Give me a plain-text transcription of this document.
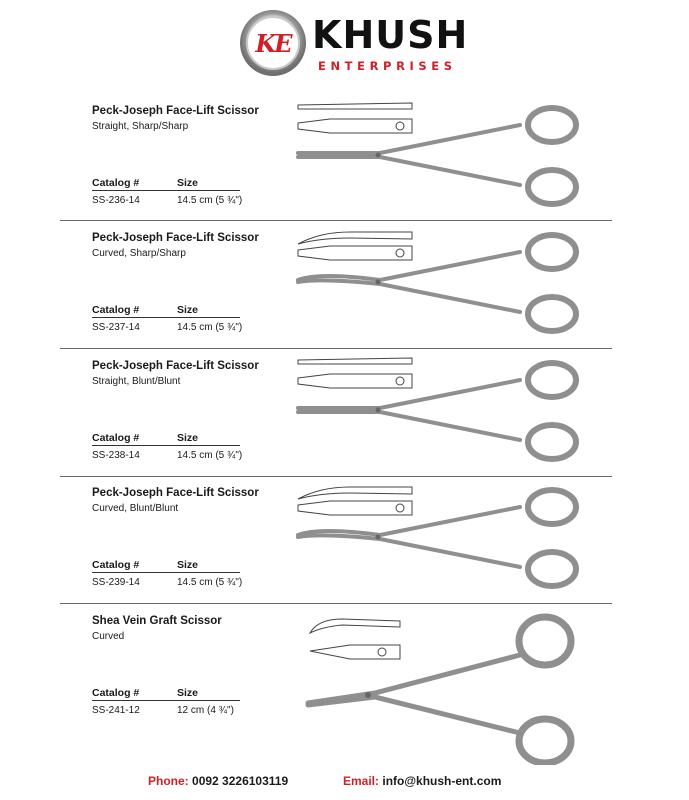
KE KHUSH
ENTERPRISES
Peck-Joseph Face-Lift Scissor
Straight, Sharp/Sharp
Catalog #	Size
SS-236-14	14.5 cm (5 ¾")
Peck-Joseph Face-Lift Scissor
Curved, Sharp/Sharp
Catalog #	Size
SS-237-14	14.5 cm (5 ¾")
Peck-Joseph Face-Lift Scissor
Straight, Blunt/Blunt
Catalog #	Size
SS-238-14	14.5 cm (5 ¾")
Peck-Joseph Face-Lift Scissor
Curved, Blunt/Blunt
Catalog #	Size
SS-239-14	14.5 cm (5 ¾")
Shea Vein Graft Scissor
Curved
Catalog #	Size
SS-241-12	12 cm (4 ¾")
Phone: 0092 3226103119	Email: info@khush-ent.com
